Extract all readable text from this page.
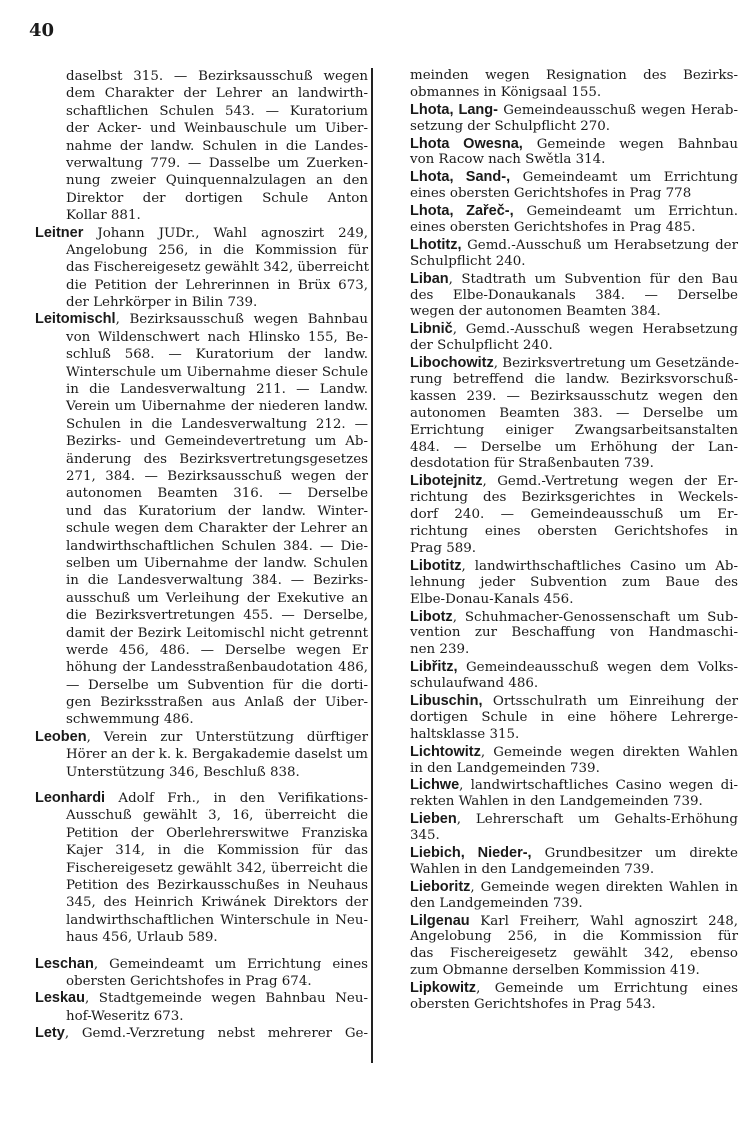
40
daselbst 315. — Bezirksausschuß wegen
dem Charakter der Lehrer an landwirth-
schaftlichen Schulen 543. — Kuratorium
der Acker- und Weinbauschule um Uiber-
nahme der landw. Schulen in die Landes-
verwaltung 779. — Dasselbe um Zuerken-
nung zweier Quinquennalzulagen an den
Direktor der dortigen Schule Anton
Kollar 881.
Leitner Johann JUDr., Wahl agnoszirt 249,
Angelobung 256, in die Kommission für
das Fischereigesetz gewählt 342, überreicht
die Petition der Lehrerinnen in Brüx 673,
der Lehrkörper in Bilin 739.
Leitomischl, Bezirksausschuß wegen Bahnbau
von Wildenschwert nach Hlinsko 155, Be-
schluß 568. — Kuratorium der landw.
Winterschule um Uibernahme dieser Schule
in die Landesverwaltung 211. — Landw.
Verein um Uibernahme der niederen landw.
Schulen in die Landesverwaltung 212. —
Bezirks- und Gemeindevertretung um Ab-
änderung des Bezirksvertretungsgesetzes
271, 384. — Bezirksausschuß wegen der
autonomen Beamten 316. — Derselbe
und das Kuratorium der landw. Winter-
schule wegen dem Charakter der Lehrer an
landwirthschaftlichen Schulen 384. — Die-
selben um Uibernahme der landw. Schulen
in die Landesverwaltung 384. — Bezirks-
ausschuß um Verleihung der Exekutive an
die Bezirksvertretungen 455. — Derselbe,
damit der Bezirk Leitomischl nicht getrennt
werde 456, 486. — Derselbe wegen Er
höhung der Landesstraßenbaudotation 486,
— Derselbe um Subvention für die dorti-
gen Bezirksstraßen aus Anlaß der Uiber-
schwemmung 486.
Leoben, Verein zur Unterstützung dürftiger
Hörer an der k. k. Bergakademie daselst um
Unterstützung 346, Beschluß 838.
Leonhardi Adolf Frh., in den Verifikations-
Ausschuß gewählt 3, 16, überreicht die
Petition der Oberlehrerswitwe Franziska
Kajer 314, in die Kommission für das
Fischereigesetz gewählt 342, überreicht die
Petition des Bezirkausschußes in Neuhaus
345, des Heinrich Kriwánek Direktors der
landwirthschaftlichen Winterschule in Neu-
haus 456, Urlaub 589.
Leschan, Gemeindeamt um Errichtung eines
obersten Gerichtshofes in Prag 674.
Leskau, Stadtgemeinde wegen Bahnbau Neu-
hof-Weseritz 673.
Lety, Gemd.-Verzretung nebst mehrerer Ge-
meinden wegen Resignation des Bezirks-
obmannes in Königsaal 155.
Lhota, Lang- Gemeindeausschuß wegen Herab-
setzung der Schulpflicht 270.
Lhota Owesna, Gemeinde wegen Bahnbau
von Racow nach Swětla 314.
Lhota, Sand-, Gemeindeamt um Errichtung
eines obersten Gerichtshofes in Prag 778
Lhota, Zařeč-, Gemeindeamt um Errichtun.
eines obersten Gerichtshofes in Prag 485.
Lhotitz, Gemd.-Ausschuß um Herabsetzung der
Schulpflicht 240.
Liban, Stadtrath um Subvention für den Bau
des Elbe-Donaukanals 384. — Derselbe
wegen der autonomen Beamten 384.
Libnič, Gemd.-Ausschuß wegen Herabsetzung
der Schulpflicht 240.
Libochowitz, Bezirksvertretung um Gesetzände-
rung betreffend die landw. Bezirksvorschuß-
kassen 239. — Bezirksausschutz wegen den
autonomen Beamten 383. — Derselbe um
Errichtung einiger Zwangsarbeitsanstalten
484. — Derselbe um Erhöhung der Lan-
desdotation für Straßenbauten 739.
Libotejnitz, Gemd.-Vertretung wegen der Er-
richtung des Bezirksgerichtes in Weckels-
dorf 240. — Gemeindeausschuß um Er-
richtung eines obersten Gerichtshofes in
Prag 589.
Libotitz, landwirthschaftliches Casino um Ab-
lehnung jeder Subvention zum Baue des
Elbe-Donau-Kanals 456.
Libotz, Schuhmacher-Genossenschaft um Sub-
vention zur Beschaffung von Handmaschi-
nen 239.
Libřitz, Gemeindeausschuß wegen dem Volks-
schulaufwand 486.
Libuschin, Ortsschulrath um Einreihung der
dortigen Schule in eine höhere Lehrerge-
haltsklasse 315.
Lichtowitz, Gemeinde wegen direkten Wahlen
in den Landgemeinden 739.
Lichwe, landwirtschaftliches Casino wegen di-
rekten Wahlen in den Landgemeinden 739.
Lieben, Lehrerschaft um Gehalts-Erhöhung
345.
Liebich, Nieder-, Grundbesitzer um direkte
Wahlen in den Landgemeinden 739.
Lieboritz, Gemeinde wegen direkten Wahlen in
den Landgemeinden 739.
Lilgenau Karl Freiherr, Wahl agnoszirt 248,
Angelobung 256, in die Kommission für
das Fischereigesetz gewählt 342, ebenso
zum Obmanne derselben Kommission 419.
Lipkowitz, Gemeinde um Errichtung eines
obersten Gerichtshofes in Prag 543.
